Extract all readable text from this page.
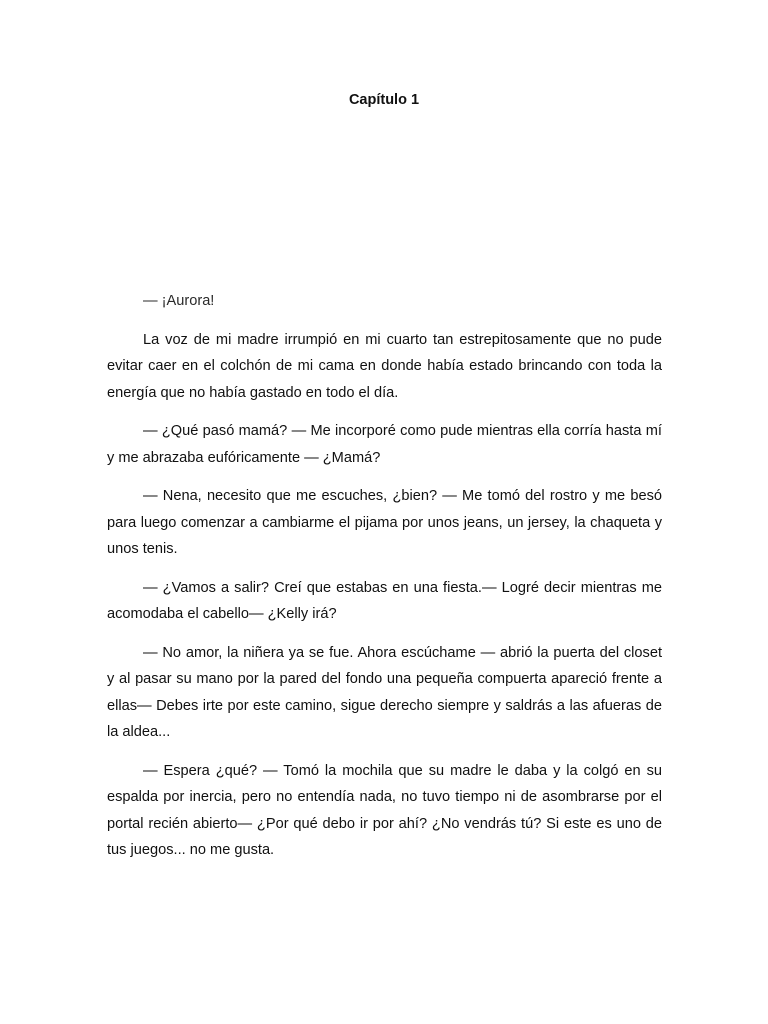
Capítulo 1

— ¡Aurora!

La voz de mi madre irrumpió en mi cuarto tan estrepitosamente que no pude evitar caer en el colchón de mi cama en donde había estado brincando con toda la energía que no había gastado en todo el día.

— ¿Qué pasó mamá? — Me incorporé como pude mientras ella corría hasta mí y me abrazaba eufóricamente — ¿Mamá?

— Nena, necesito que me escuches, ¿bien? — Me tomó del rostro y me besó para luego comenzar a cambiarme el pijama por unos jeans, un jersey, la chaqueta y unos tenis.

— ¿Vamos a salir? Creí que estabas en una fiesta.— Logré decir mientras me acomodaba el cabello— ¿Kelly irá?

— No amor, la niñera ya se fue. Ahora escúchame — abrió la puerta del closet y al pasar su mano por la pared del fondo una pequeña compuerta apareció frente a ellas— Debes irte por este camino, sigue derecho siempre y saldrás a las afueras de la aldea...

— Espera ¿qué? — Tomó la mochila que su madre le daba y la colgó en su espalda por inercia, pero no entendía nada, no tuvo tiempo ni de asombrarse por el portal recién abierto— ¿Por qué debo ir por ahí? ¿No vendrás tú? Si este es uno de tus juegos... no me gusta.
